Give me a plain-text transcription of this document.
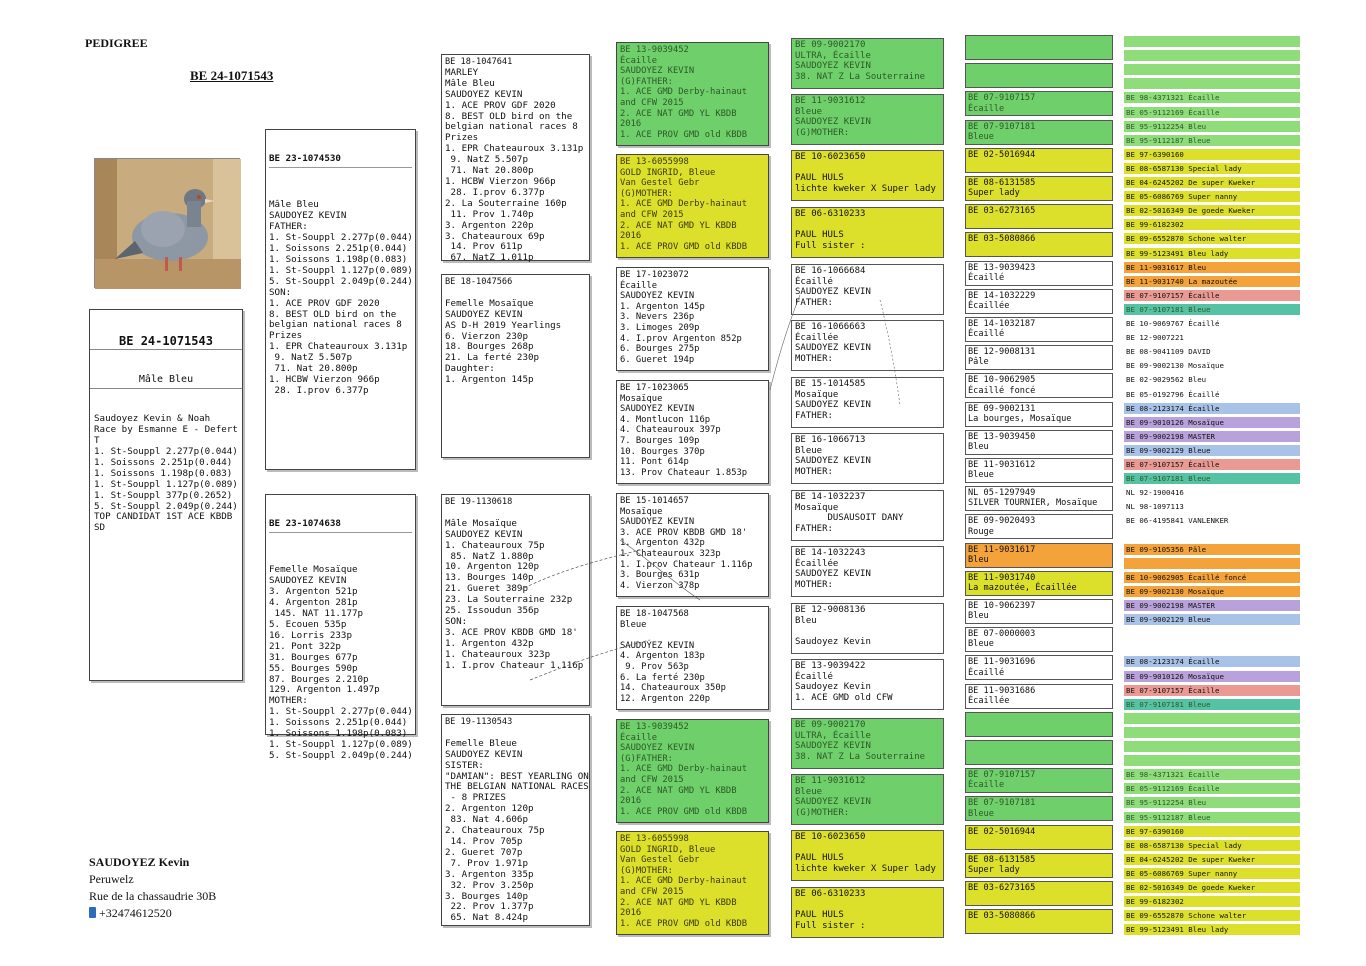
PEDIGREE
BE 24-1071543

BE 24-1071543

Mâle Bleu

Saudoyez Kevin & Noah
Race by Esmanne E - Defert
T
1. St-Souppl 2.277p(0.044)
1. Soissons 2.251p(0.044)
1. Soissons 1.198p(0.083)
1. St-Souppl 1.127p(0.089)
1. St-Souppl 377p(0.2652)
5. St-Souppl 2.049p(0.244)
TOP CANDIDAT 1ST ACE KBDB
SD

SAUDOYEZ Kevin
Peruwelz
Rue de la chassaudrie 30B
+32474612520

BE 23-1074530

Mâle Bleu
SAUDOYEZ KEVIN
FATHER:
1. St-Souppl 2.277p(0.044)
1. Soissons 2.251p(0.044)
1. Soissons 1.198p(0.083)
1. St-Souppl 1.127p(0.089)
5. St-Souppl 2.049p(0.244)
SON:
1. ACE PROV GDF 2020
8. BEST OLD bird on the
belgian national races 8
Prizes
1. EPR Chateauroux 3.131p
9. NatZ 5.507p
71. Nat 20.800p
1. HCBW Vierzon 966p
28. I.prov 6.377p

BE 23-1074638

Femelle Mosaïque
SAUDOYEZ KEVIN
3. Argenton 521p
4. Argenton 281p
145. NAT 11.177p
5. Ecouen 535p
16. Lorris 233p
21. Pont 322p
31. Bourges 677p
55. Bourges 590p
87. Bourges 2.210p
129. Argenton 1.497p
MOTHER:
1. St-Souppl 2.277p(0.044)
1. Soissons 2.251p(0.044)
1. Soissons 1.198p(0.083)
1. St-Souppl 1.127p(0.089)
5. St-Souppl 2.049p(0.244)

BE 18-1047641
MARLEY
Mâle Bleu
SAUDOYEZ KEVIN
1. ACE PROV GDF 2020
8. BEST OLD bird on the
belgian national races 8
Prizes
1. EPR Chateauroux 3.131p
9. NatZ 5.507p
71. Nat 20.800p
1. HCBW Vierzon 966p
28. I.prov 6.377p
2. La Souterraine 160p
11. Prov 1.740p
3. Argenton 220p
3. Chateauroux 69p
14. Prov 611p
67. NatZ 1.011p
BE 18-1047566

Femelle Mosaïque
SAUDOYEZ KEVIN
AS D-H 2019 Yearlings
6. Vierzon 230p
18. Bourges 268p
21. La ferté 230p
Daughter:
1. Argenton 145p
BE 19-1130618

Mâle Mosaïque
SAUDOYEZ KEVIN
1. Chateauroux 75p
85. NatZ 1.880p
10. Argenton 120p
13. Bourges 140p
21. Gueret 389p
23. La Souterraine 232p
25. Issoudun 356p
SON:
3. ACE PROV KBDB GMD 18'
1. Argenton 432p
1. Chateauroux 323p
1. I.prov Chateaur 1.116p
BE 19-1130543

Femelle Bleue
SAUDOYEZ KEVIN
SISTER:
"DAMIAN": BEST YEARLING ON
THE BELGIAN NATIONAL RACES
- 8 PRIZES
2. Argenton 120p
83. Nat 4.606p
2. Chateauroux 75p
14. Prov 705p
2. Gueret 707p
7. Prov 1.971p
3. Argenton 335p
32. Prov 3.250p
3. Bourges 140p
22. Prov 1.377p
65. Nat 8.424p
BE 13-9039452
Écaille
SAUDOYEZ KEVIN
(G)FATHER:
1. ACE GMD Derby-hainaut
and CFW 2015
2. ACE NAT GMD YL KBDB
2016
1. ACE PROV GMD old KBDB
BE 13-6055998
GOLD INGRID, Bleue
Van Gestel Gebr
(G)MOTHER:
1. ACE GMD Derby-hainaut
and CFW 2015
2. ACE NAT GMD YL KBDB
2016
1. ACE PROV GMD old KBDB
BE 17-1023072
Écaille
SAUDOYEZ KEVIN
1. Argenton 145p
3. Nevers 236p
3. Limoges 209p
4. I.prov Argenton 852p
6. Bourges 275p
6. Gueret 194p
BE 17-1023065
Mosaïque
SAUDOYEZ KEVIN
4. Montlucon 116p
4. Chateauroux 397p
7. Bourges 109p
10. Bourges 370p
11. Pont 614p
13. Prov Chateaur 1.853p
BE 15-1014657
Mosaïque
SAUDOYEZ KEVIN
3. ACE PROV KBDB GMD 18'
1. Argenton 432p
1. Chateauroux 323p
1. I.prov Chateaur 1.116p
3. Bourges 631p
4. Vierzon 378p
BE 18-1047568
Bleue

SAUDOYEZ KEVIN
4. Argenton 183p
9. Prov 563p
6. La ferté 230p
14. Chateauroux 350p
12. Argenton 220p
BE 13-9039452
Écaille
SAUDOYEZ KEVIN
(G)FATHER:
1. ACE GMD Derby-hainaut
and CFW 2015
2. ACE NAT GMD YL KBDB
2016
1. ACE PROV GMD old KBDB
BE 13-6055998
GOLD INGRID, Bleue
Van Gestel Gebr
(G)MOTHER:
1. ACE GMD Derby-hainaut
and CFW 2015
2. ACE NAT GMD YL KBDB
2016
1. ACE PROV GMD old KBDB
BE 09-9002170
ULTRA, Écaille
SAUDOYEZ KEVIN
38. NAT Z La Souterraine
BE 11-9031612
Bleue
SAUDOYEZ KEVIN
(G)MOTHER:
BE 10-6023650

PAUL HULS
lichte kweker X Super lady
BE 06-6310233

PAUL HULS
Full sister :
BE 16-1066684
Écaillé
SAUDOYEZ KEVIN
FATHER:
BE 16-1066663
Écaillée
SAUDOYEZ KEVIN
MOTHER:
BE 15-1014585
Mosaïque
SAUDOYEZ KEVIN
FATHER:
BE 16-1066713
Bleue
SAUDOYEZ KEVIN
MOTHER:
BE 14-1032237
Mosaïque
DUSAUSOIT DANY
FATHER:
BE 14-1032243
Écaillée
SAUDOYEZ KEVIN
MOTHER:
BE 12-9008136
Bleu

Saudoyez Kevin
BE 13-9039422
Écaillé
Saudoyez Kevin
1. ACE GMD old CFW
BE 09-9002170
ULTRA, Écaille
SAUDOYEZ KEVIN
38. NAT Z La Souterraine
BE 11-9031612
Bleue
SAUDOYEZ KEVIN
(G)MOTHER:
BE 10-6023650

PAUL HULS
lichte kweker X Super lady
BE 06-6310233

PAUL HULS
Full sister :

BE 07-9107157
Écaille
BE 07-9107181
Bleue
BE 02-5016944

BE 08-6131585
Super lady
BE 03-6273165

BE 03-5080866

BE 13-9039423
Écaillé
BE 14-1032229
Écaillée
BE 14-1032187
Écaillé
BE 12-9008131
Pâle
BE 10-9062905
Écaillé foncé
BE 09-9002131
La bourges, Mosaïque
BE 13-9039450
Bleu
BE 11-9031612
Bleue
NL 05-1297949
SILVER TOURNIER, Mosaïque
BE 09-9020493
Rouge
BE 11-9031617
Bleu
BE 11-9031740
La mazoutée, Écaillée
BE 10-9062397
Bleu
BE 07-0000003
Bleue
BE 11-9031696
Écaillé
BE 11-9031686
Écaillée

BE 07-9107157
Écaille
BE 07-9107181
Bleue
BE 02-5016944

BE 08-6131585
Super lady
BE 03-6273165

BE 03-5080866

BE 98-4371321 Écaille
BE 05-9112169 Écaille
BE 95-9112254 Bleu
BE 95-9112187 Bleue
BE 97-6390160
BE 08-6587130 Special lady
BE 04-6245202 De super Kweker
BE 05-6086769 Super nanny
BE 02-5016349 De goede Kweker
BE 99-6182302
BE 09-6552870 Schone walter
BE 99-5123491 Bleu lady
BE 11-9031617 Bleu
BE 11-9031740 La mazoutée
BE 07-9107157 Écaille
BE 07-9107181 Bleue
BE 10-9069767 Écaillé
BE 12-9007221
BE 08-9041109 DAVID
BE 09-9002130 Mosaïque
BE 02-9029562 Bleu
BE 05-0192796 Écaillé
BE 08-2123174 Écaille
BE 09-9010126 Mosaïque
BE 09-9002198 MASTER
BE 09-9002129 Bleue
BE 07-9107157 Écaille
BE 07-9107181 Bleue
NL 92-1900416
NL 98-1097113
BE 06-4195841 VANLENKER

BE 09-9105356 Pâle

BE 10-9062905 Écaillé foncé
BE 09-9002130 Mosaïque
BE 09-9002198 MASTER
BE 09-9002129 Bleue

BE 08-2123174 Écaille
BE 09-9010126 Mosaïque
BE 07-9107157 Écaille
BE 07-9107181 Bleue

BE 98-4371321 Écaille
BE 05-9112169 Écaille
BE 95-9112254 Bleu
BE 95-9112187 Bleue
BE 97-6390160
BE 08-6587130 Special lady
BE 04-6245202 De super Kweker
BE 05-6086769 Super nanny
BE 02-5016349 De goede Kweker
BE 99-6182302
BE 09-6552870 Schone walter
BE 99-5123491 Bleu lady
